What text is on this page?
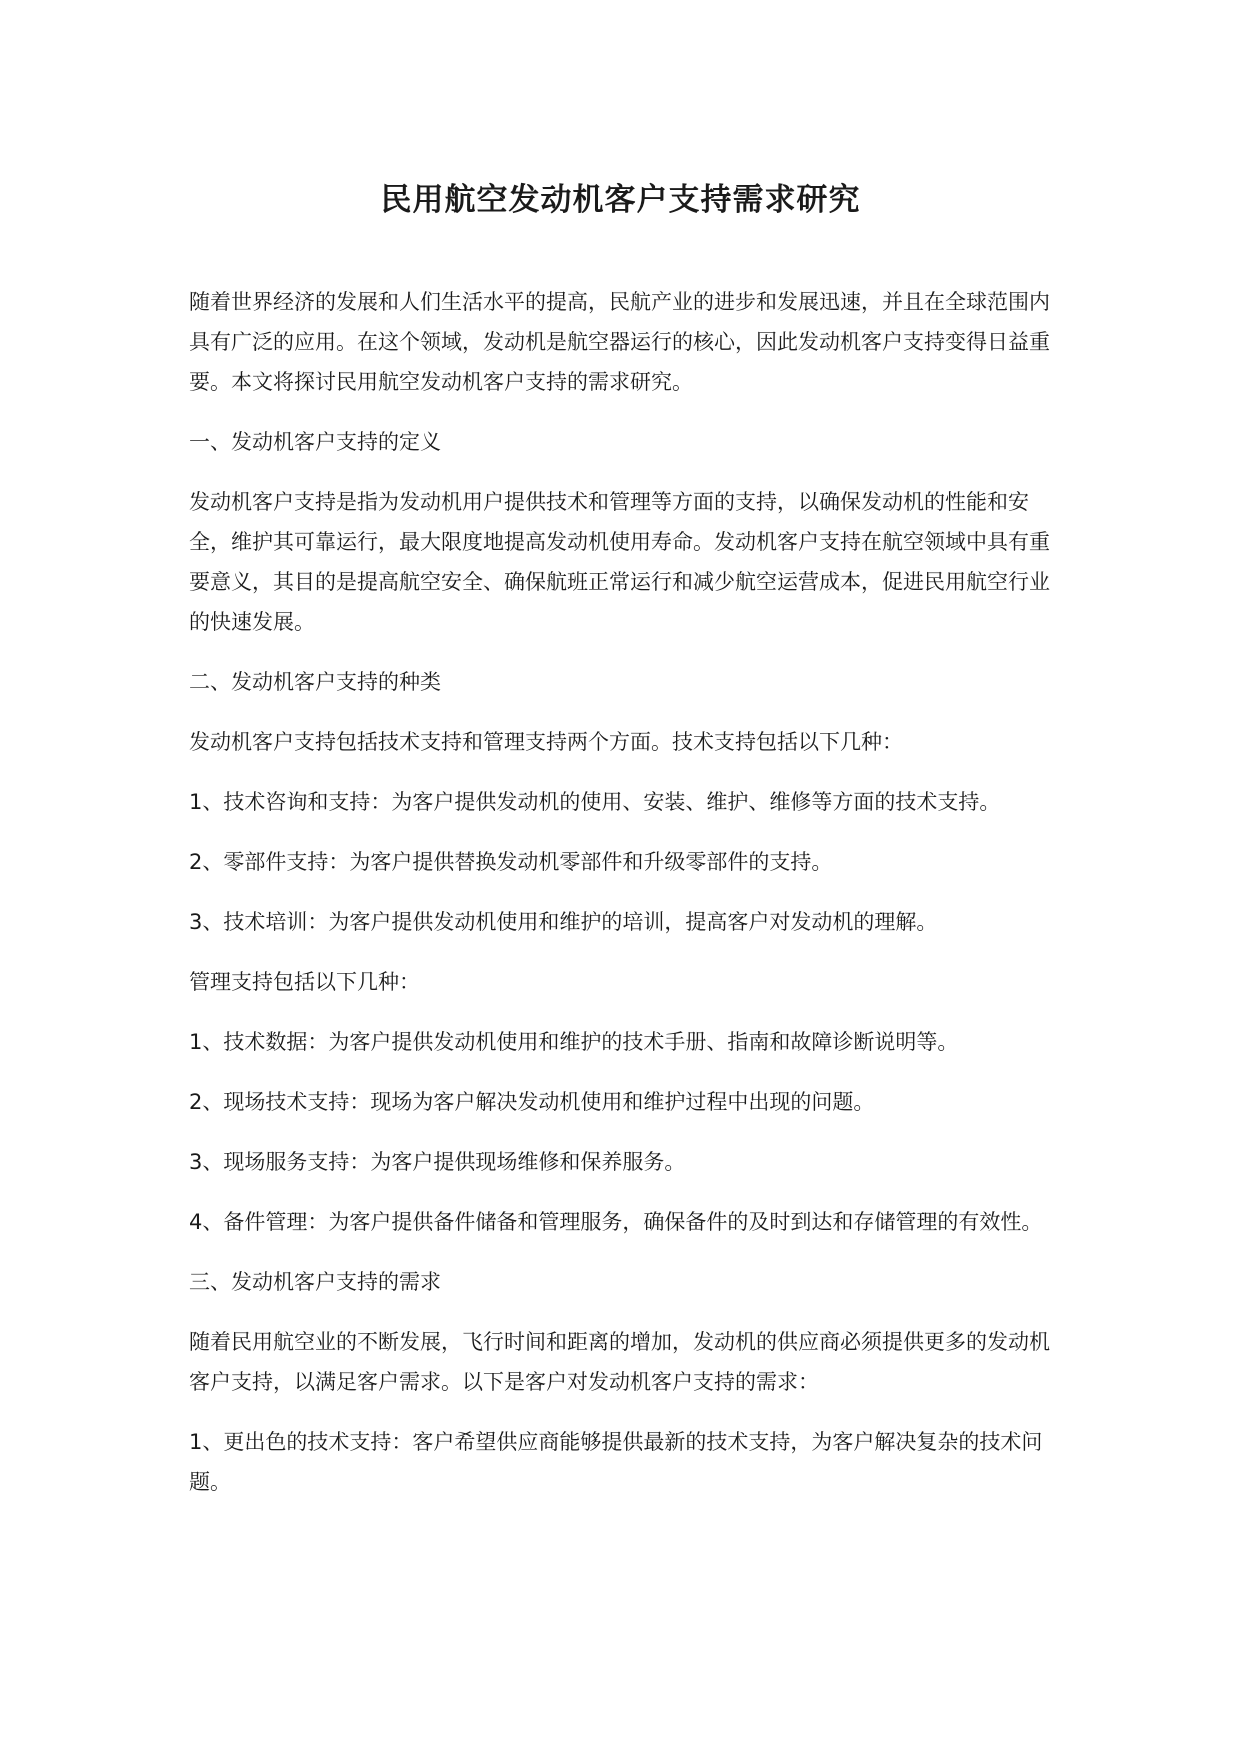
民用航空发动机客户支持需求研究

随着世界经济的发展和人们生活水平的提高，民航产业的进步和发展迅速，并且在全球范围内具有广泛的应用。在这个领域，发动机是航空器运行的核心，因此发动机客户支持变得日益重要。本文将探讨民用航空发动机客户支持的需求研究。

一、发动机客户支持的定义

发动机客户支持是指为发动机用户提供技术和管理等方面的支持，以确保发动机的性能和安全，维护其可靠运行，最大限度地提高发动机使用寿命。发动机客户支持在航空领域中具有重要意义，其目的是提高航空安全、确保航班正常运行和减少航空运营成本，促进民用航空行业的快速发展。

二、发动机客户支持的种类

发动机客户支持包括技术支持和管理支持两个方面。技术支持包括以下几种：

1、技术咨询和支持：为客户提供发动机的使用、安装、维护、维修等方面的技术支持。

2、零部件支持：为客户提供替换发动机零部件和升级零部件的支持。

3、技术培训：为客户提供发动机使用和维护的培训，提高客户对发动机的理解。

管理支持包括以下几种：

1、技术数据：为客户提供发动机使用和维护的技术手册、指南和故障诊断说明等。

2、现场技术支持：现场为客户解决发动机使用和维护过程中出现的问题。

3、现场服务支持：为客户提供现场维修和保养服务。

4、备件管理：为客户提供备件储备和管理服务，确保备件的及时到达和存储管理的有效性。

三、发动机客户支持的需求

随着民用航空业的不断发展，飞行时间和距离的增加，发动机的供应商必须提供更多的发动机客户支持，以满足客户需求。以下是客户对发动机客户支持的需求：

1、更出色的技术支持：客户希望供应商能够提供最新的技术支持，为客户解决复杂的技术问题。
